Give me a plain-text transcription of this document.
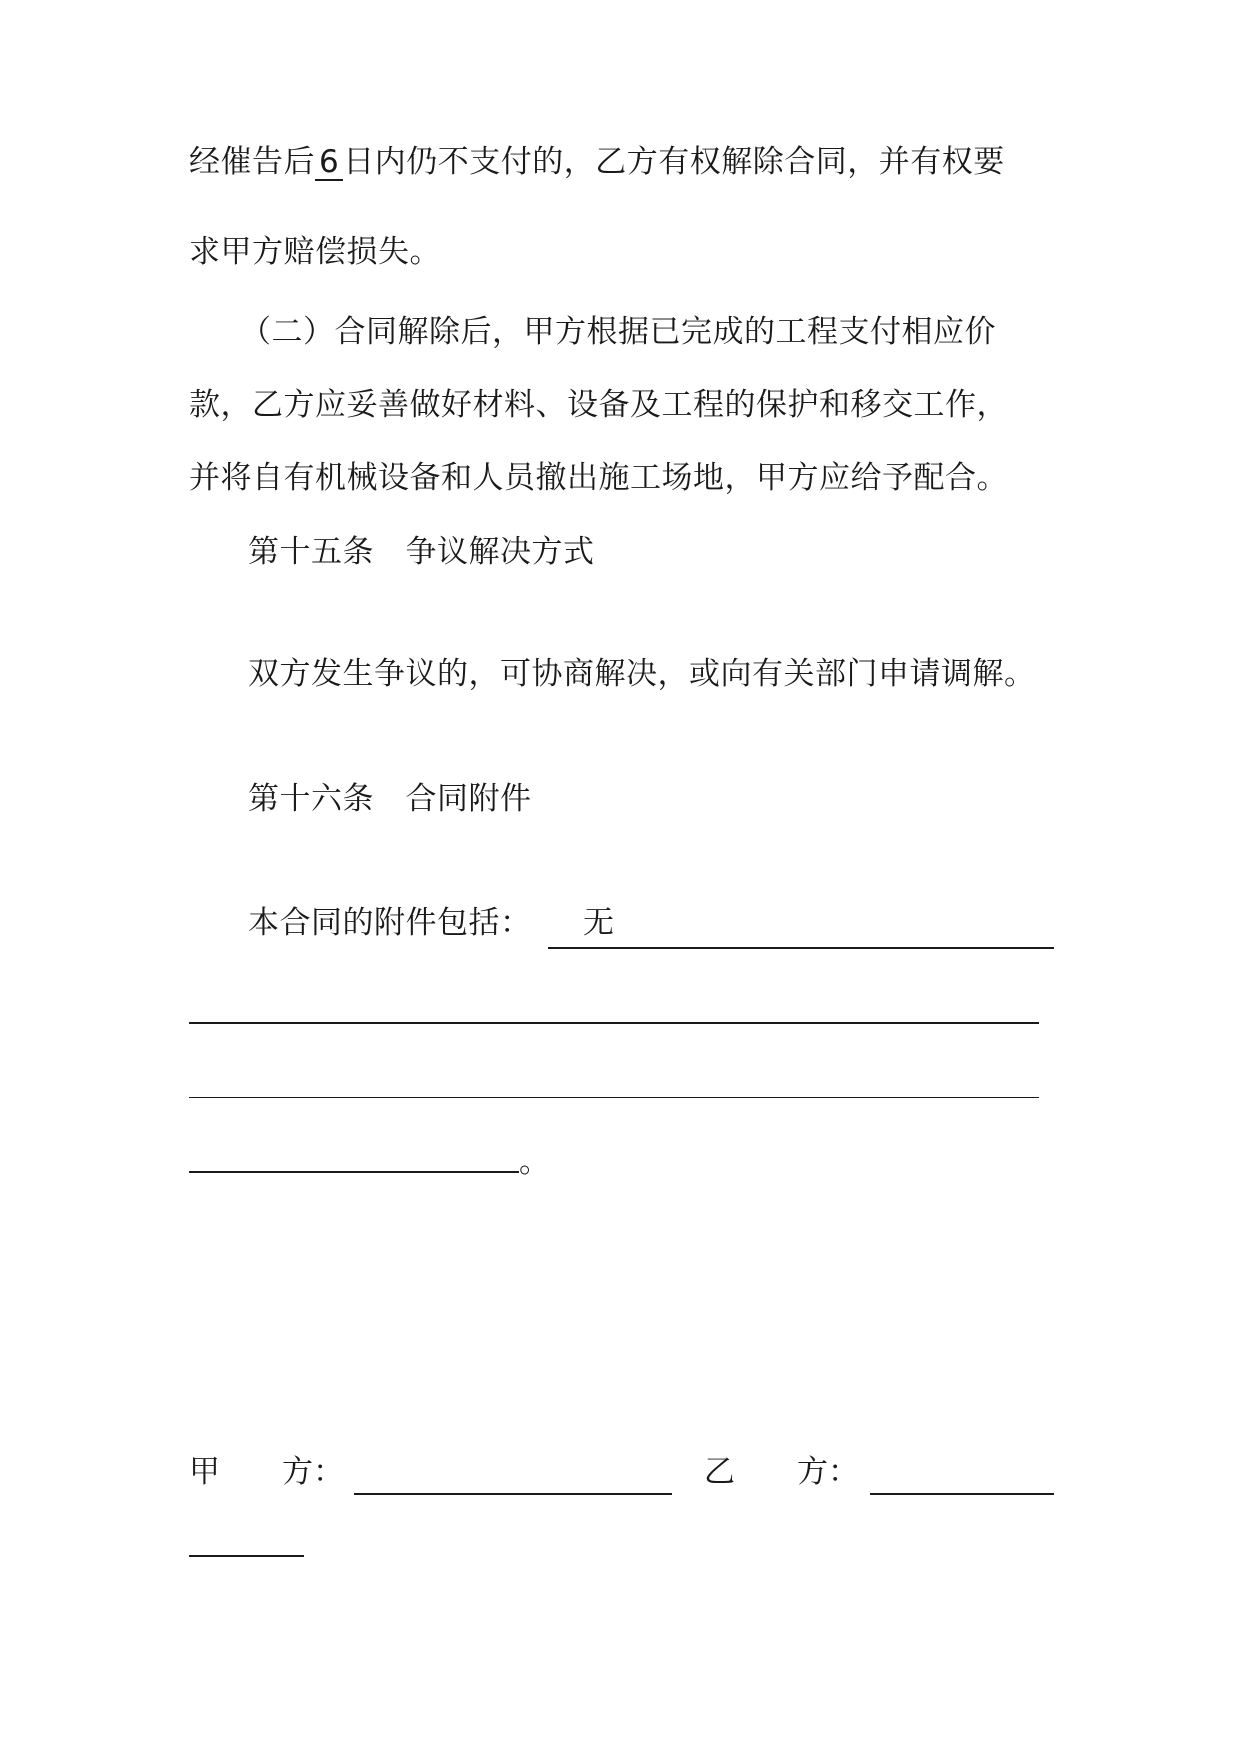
经催告后 6 日内仍不支付的，乙方有权解除合同，并有权要
求甲方赔偿损失。
（二）合同解除后，甲方根据已完成的工程支付相应价
款，乙方应妥善做好材料、设备及工程的保护和移交工作，
并将自有机械设备和人员撤出施工场地，甲方应给予配合。
第十五条　争议解决方式
双方发生争议的，可协商解决，或向有关部门申请调解。
第十六条　合同附件
本合同的附件包括： 无
。
甲　　方：	乙　　方：
